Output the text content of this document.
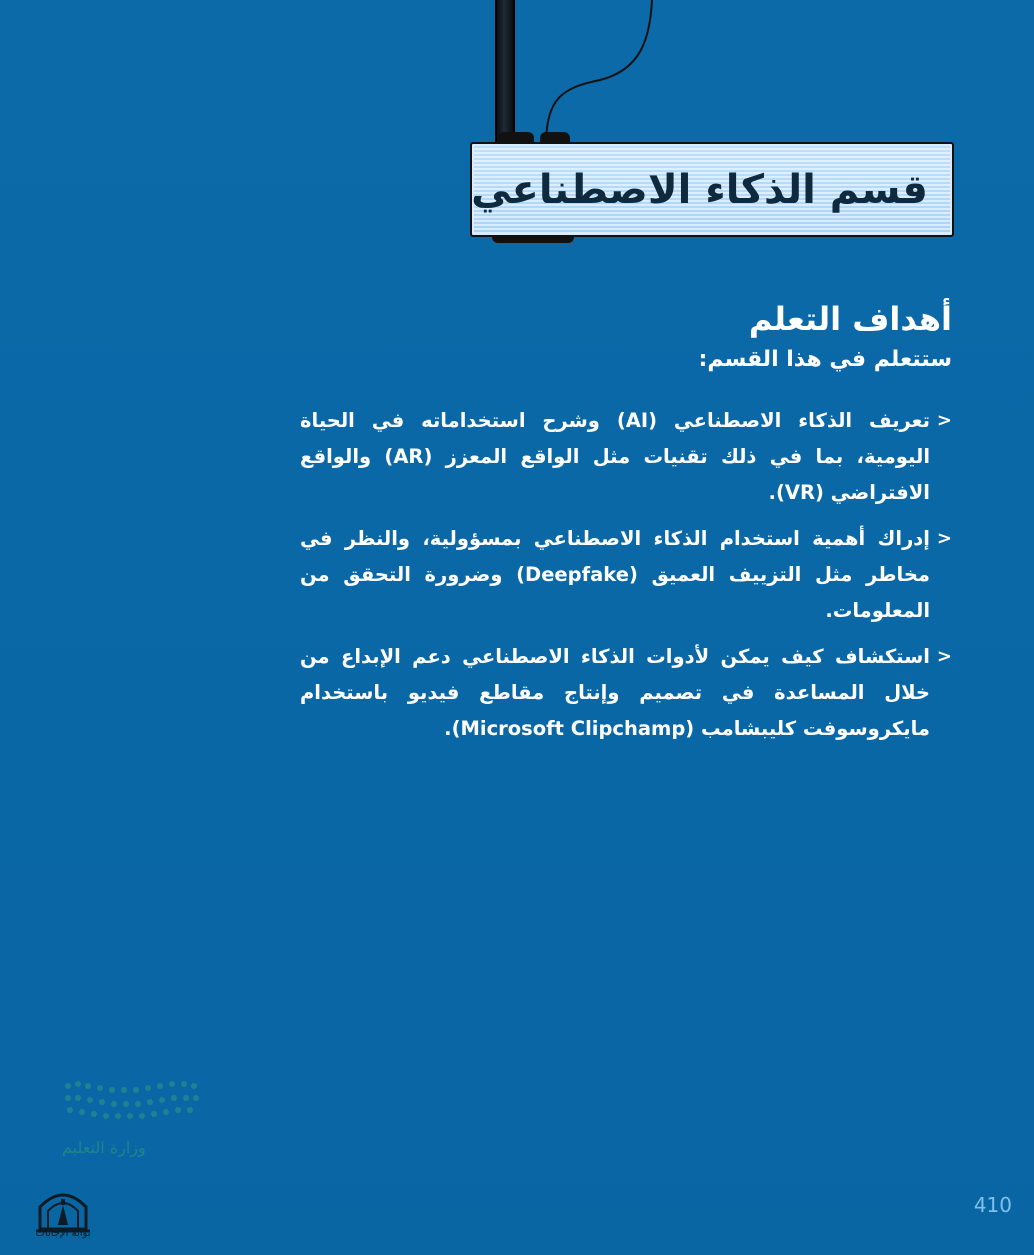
قسم الذكاء الاصطناعي
أهداف التعلم

ستتعلم في هذا القسم:

>
تعريف الذكاء الاصطناعي (AI) وشرح استخداماته في الحياة اليومية، بما في ذلك تقنيات مثل الواقع المعزز (AR) والواقع الافتراضي (VR).
>
إدراك أهمية استخدام الذكاء الاصطناعي بمسؤولية، والنظر في مخاطر مثل التزييف العميق (Deepfake) وضرورة التحقق من المعلومات.
>
استكشاف كيف يمكن لأدوات الذكاء الاصطناعي دعم الإبداع من خلال المساعدة في تصميم وإنتاج مقاطع فيديو باستخدام مايكروسوفت كليبشامب (Microsoft Clipchamp).
وزارة التعليم
بوابة الإجابات
410
